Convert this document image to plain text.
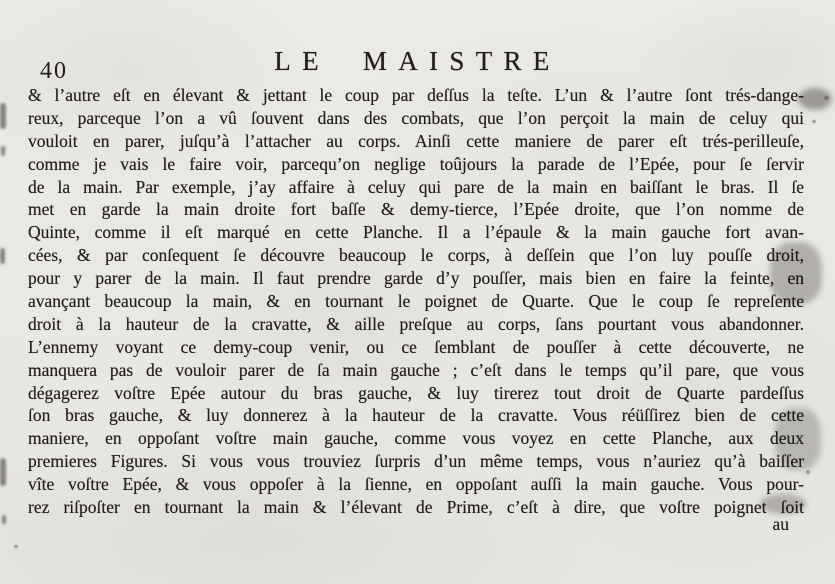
40	LE MAISTRE
& l’autre eſt en élevant & jettant le coup par deſſus la teſte. L’un & l’autre ſont trés-dange-
reux, parceque l’on a vû ſouvent dans des combats, que l’on perçoit la main de celuy qui
vouloit en parer, juſqu’à l’attacher au corps. Ainſi cette maniere de parer eſt trés-perilleuſe,
comme je vais le faire voir, parcequ’on neglige toûjours la parade de l’Epée, pour ſe ſervir
de la main. Par exemple, j’ay affaire à celuy qui pare de la main en baiſſant le bras. Il ſe
met en garde la main droite fort baſſe & demy-tierce, l’Epée droite, que l’on nomme de
Quinte, comme il eſt marqué en cette Planche. Il a l’épaule & la main gauche fort avan-
cées, & par conſequent ſe découvre beaucoup le corps, à deſſein que l’on luy pouſſe droit,
pour y parer de la main. Il faut prendre garde d’y pouſſer, mais bien en faire la feinte, en
avançant beaucoup la main, & en tournant le poignet de Quarte. Que le coup ſe repreſente
droit à la hauteur de la cravatte, & aille preſque au corps, ſans pourtant vous abandonner.
L’ennemy voyant ce demy-coup venir, ou ce ſemblant de pouſſer à cette découverte, ne
manquera pas de vouloir parer de ſa main gauche ; c’eſt dans le temps qu’il pare, que vous
dégagerez voſtre Epée autour du bras gauche, & luy tirerez tout droit de Quarte pardeſſus
ſon bras gauche, & luy donnerez à la hauteur de la cravatte. Vous réüſſirez bien de cette
maniere, en oppoſant voſtre main gauche, comme vous voyez en cette Planche, aux deux
premieres Figures. Si vous vous trouviez ſurpris d’un même temps, vous n’auriez qu’à baiſſer
vîte voſtre Epée, & vous oppoſer à la ſienne, en oppoſant auſſi la main gauche. Vous pour-
rez riſpoſter en tournant la main & l’élevant de Prime, c’eſt à dire, que voſtre poignet ſoit
au
